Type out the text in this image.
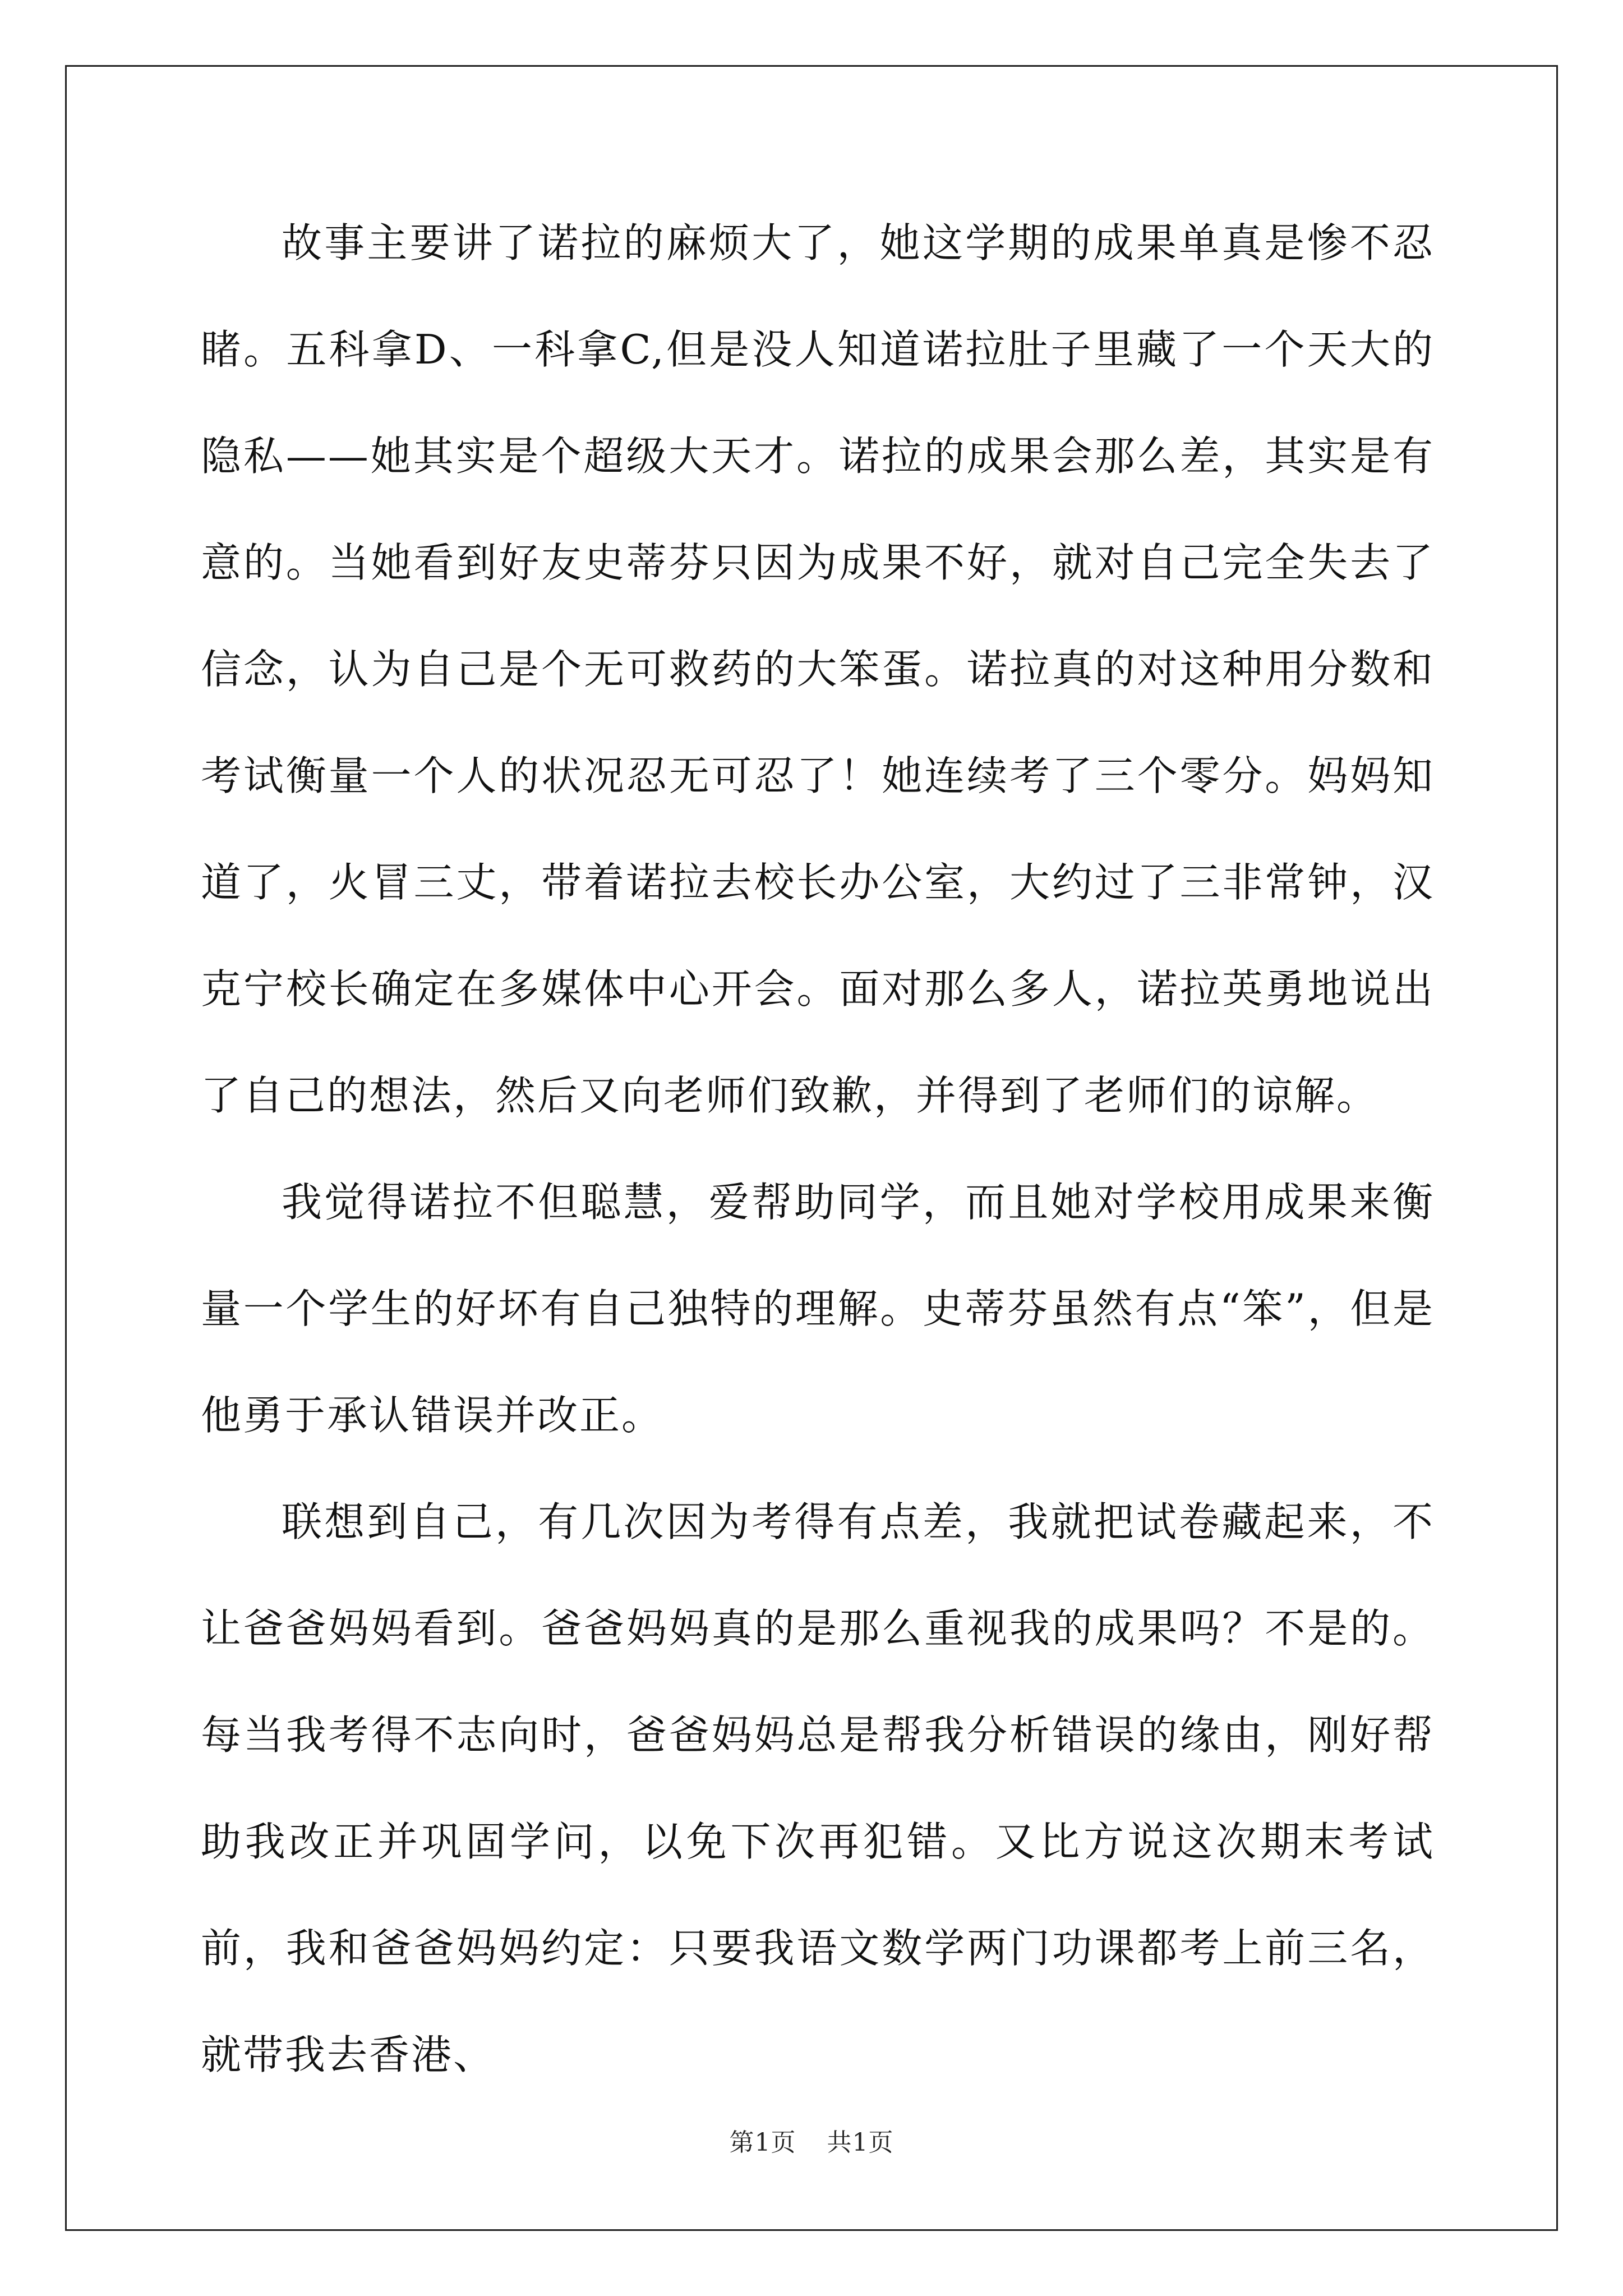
故事主要讲了诺拉的麻烦大了，她这学期的成果单真是惨不忍睹。五科拿D、一科拿C,但是没人知道诺拉肚子里藏了一个天大的隐私——她其实是个超级大天才。诺拉的成果会那么差，其实是有意的。当她看到好友史蒂芬只因为成果不好，就对自己完全失去了信念，认为自己是个无可救药的大笨蛋。诺拉真的对这种用分数和考试衡量一个人的状况忍无可忍了！她连续考了三个零分。妈妈知道了，火冒三丈，带着诺拉去校长办公室，大约过了三非常钟，汉克宁校长确定在多媒体中心开会。面对那么多人，诺拉英勇地说出了自己的想法，然后又向老师们致歉，并得到了老师们的谅解。

我觉得诺拉不但聪慧，爱帮助同学，而且她对学校用成果来衡量一个学生的好坏有自己独特的理解。史蒂芬虽然有点“笨”，但是他勇于承认错误并改正。

联想到自己，有几次因为考得有点差，我就把试卷藏起来，不让爸爸妈妈看到。爸爸妈妈真的是那么重视我的成果吗？不是的。每当我考得不志向时，爸爸妈妈总是帮我分析错误的缘由，刚好帮助我改正并巩固学问，以免下次再犯错。又比方说这次期末考试前，我和爸爸妈妈约定：只要我语文数学两门功课都考上前三名，就带我去香港、

第1页 共1页
